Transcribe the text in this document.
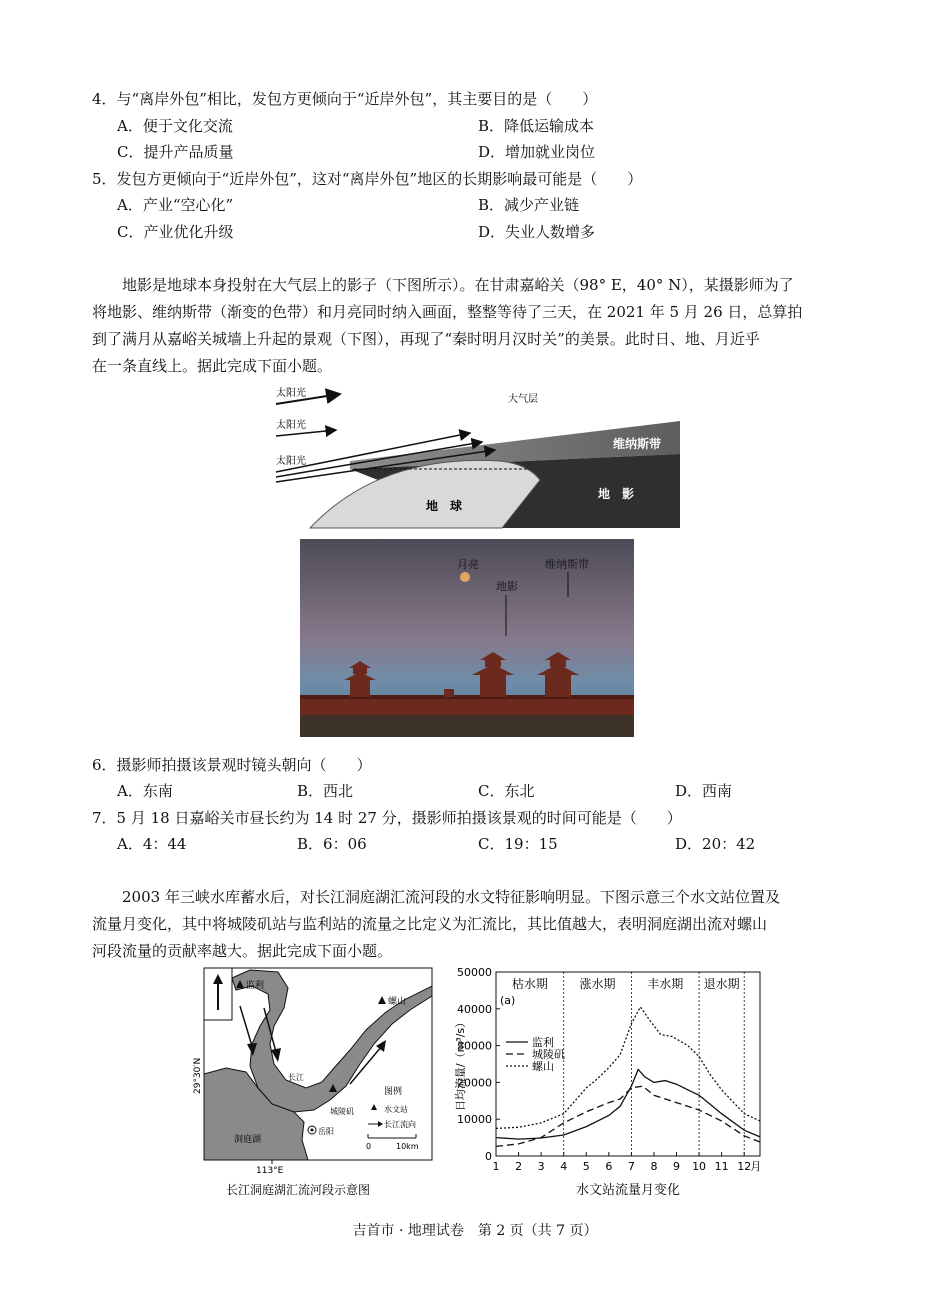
4．与“离岸外包”相比，发包方更倾向于“近岸外包”，其主要目的是（　　）
A．便于文化交流	B．降低运输成本
C．提升产品质量	D．增加就业岗位
5．发包方更倾向于“近岸外包”，这对“离岸外包”地区的长期影响最可能是（　　）
A．产业“空心化”	B．减少产业链
C．产业优化升级	D．失业人数增多
地影是地球本身投射在大气层上的影子（下图所示）。在甘肃嘉峪关（98° E，40° N），某摄影师为了
将地影、维纳斯带（渐变的色带）和月亮同时纳入画面，整整等待了三天，在 2021 年 5 月 26 日，总算拍
到了满月从嘉峪关城墙上升起的景观（下图），再现了“秦时明月汉时关”的美景。此时日、地、月近乎
在一条直线上。据此完成下面小题。
太阳光
太阳光
太阳光
大气层
维纳斯带
地　球
地　影
月亮
地影
维纳斯带
6．摄影师拍摄该景观时镜头朝向（　　）
A．东南	B．西北	C．东北	D．西南
7．5 月 18 日嘉峪关市昼长约为 14 时 27 分，摄影师拍摄该景观的时间可能是（　　）
A．4：44	B．6：06	C．19：15	D．20：42
2003 年三峡水库蓄水后，对长江洞庭湖汇流河段的水文特征影响明显。下图示意三个水文站位置及
流量月变化，其中将城陵矶站与监利站的流量之比定义为汇流比，其比值越大，表明洞庭湖出流对螺山
河段流量的贡献率越大。据此完成下面小题。
监利
螺山
城陵矶
岳阳
洞庭湖
长江
29°30′N
113°E
图例
水文站
长江流向
0	10km
长江洞庭湖汇流河段示意图
枯水期	涨水期	丰水期 退水期
(a)
0
10000
20000
30000
40000
50000
1 2 3 4 5 6 7 8 9 10 11 12 月
日均流量/（m³/s）	监利
城陵矶
螺山
水文站流量月变化
吉首市 · 地理试卷　第 2 页（共 7 页）
